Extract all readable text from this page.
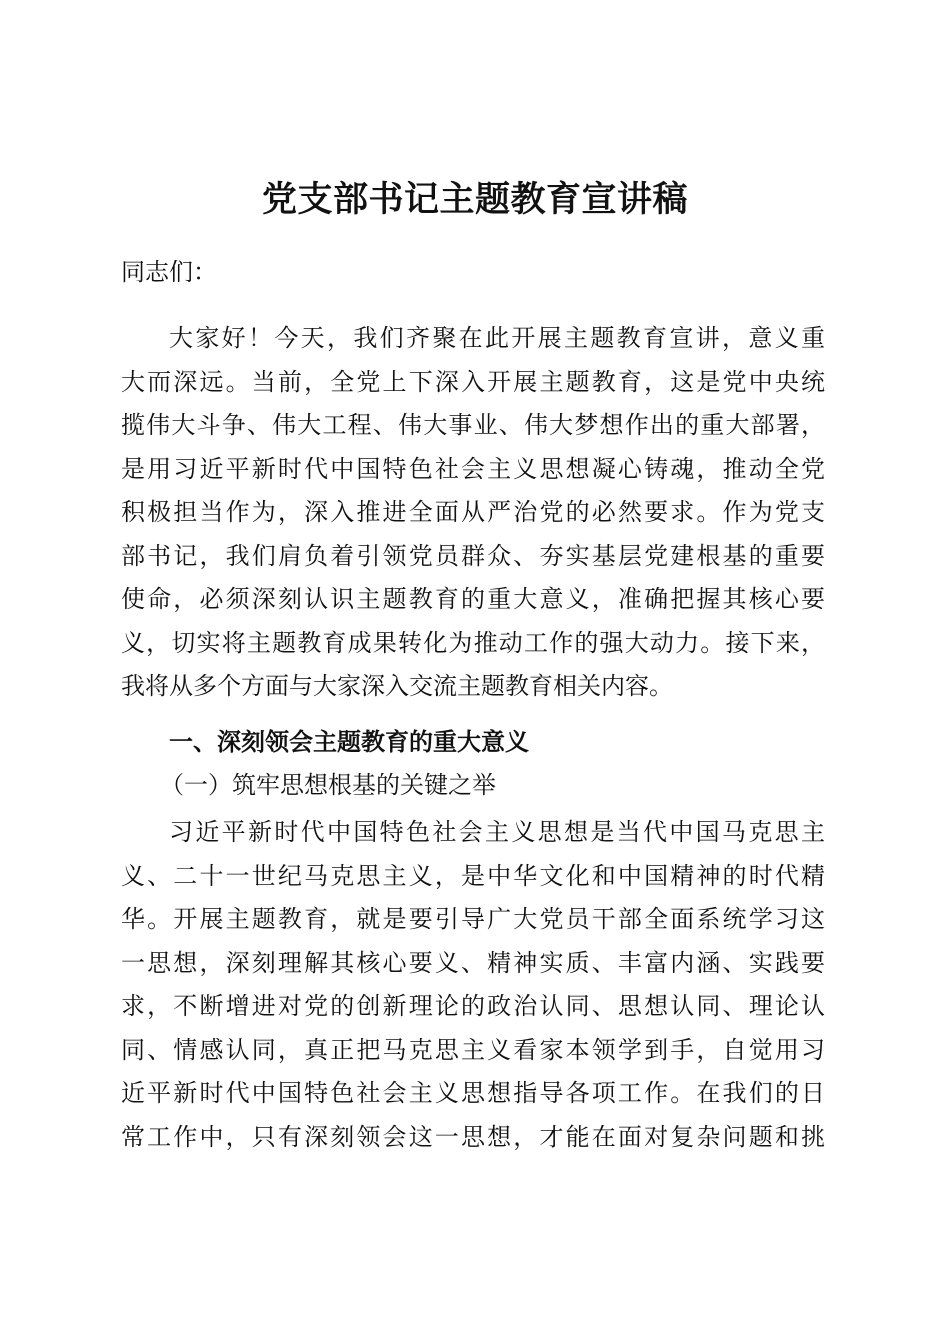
党支部书记主题教育宣讲稿

同志们：

大家好！今天，我们齐聚在此开展主题教育宣讲，意义重
大而深远。当前，全党上下深入开展主题教育，这是党中央统
揽伟大斗争、伟大工程、伟大事业、伟大梦想作出的重大部署，
是用习近平新时代中国特色社会主义思想凝心铸魂，推动全党
积极担当作为，深入推进全面从严治党的必然要求。作为党支
部书记，我们肩负着引领党员群众、夯实基层党建根基的重要
使命，必须深刻认识主题教育的重大意义，准确把握其核心要
义，切实将主题教育成果转化为推动工作的强大动力。接下来，
我将从多个方面与大家深入交流主题教育相关内容。
一、深刻领会主题教育的重大意义
（一）筑牢思想根基的关键之举
习近平新时代中国特色社会主义思想是当代中国马克思主
义、二十一世纪马克思主义，是中华文化和中国精神的时代精
华。开展主题教育，就是要引导广大党员干部全面系统学习这
一思想，深刻理解其核心要义、精神实质、丰富内涵、实践要
求，不断增进对党的创新理论的政治认同、思想认同、理论认
同、情感认同，真正把马克思主义看家本领学到手，自觉用习
近平新时代中国特色社会主义思想指导各项工作。在我们的日
常工作中，只有深刻领会这一思想，才能在面对复杂问题和挑
